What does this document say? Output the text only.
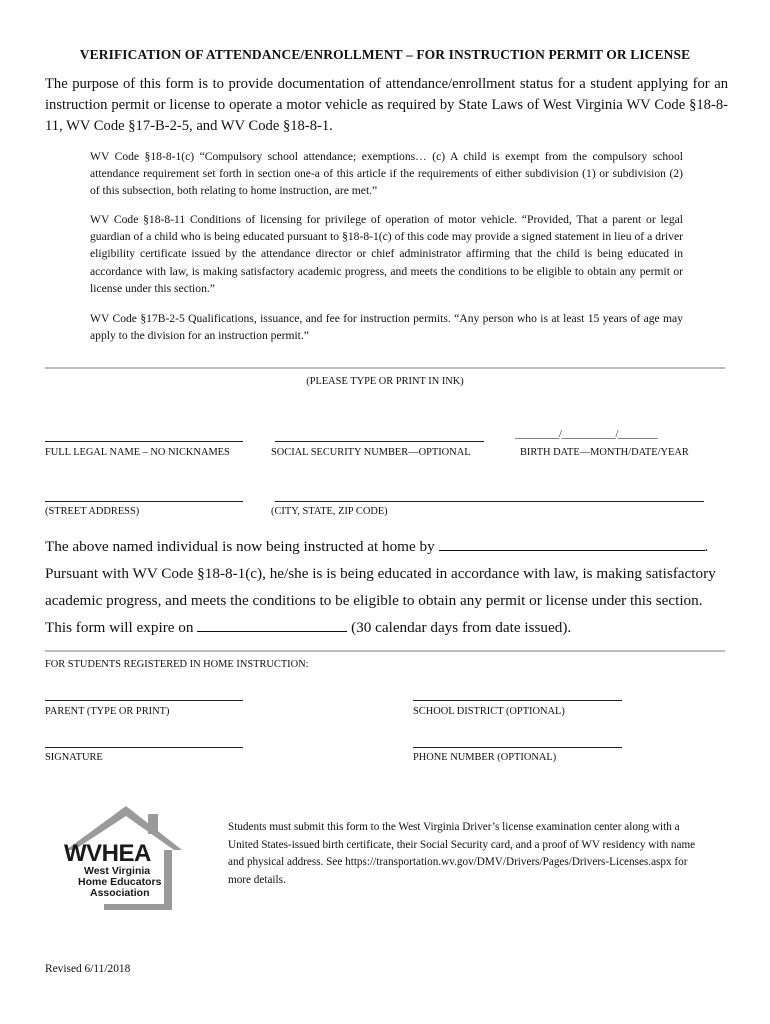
VERIFICATION OF ATTENDANCE/ENROLLMENT – FOR INSTRUCTION PERMIT OR LICENSE
The purpose of this form is to provide documentation of attendance/enrollment status for a student applying for an instruction permit or license to operate a motor vehicle as required by State Laws of West Virginia WV Code §18-8-11, WV Code §17-B-2-5, and WV Code §18-8-1.
WV Code §18-8-1(c) “Compulsory school attendance; exemptions… (c) A child is exempt from the compulsory school attendance requirement set forth in section one-a of this article if the requirements of either subdivision (1) or subdivision (2) of this subsection, both relating to home instruction, are met.”
WV Code §18-8-11 Conditions of licensing for privilege of operation of motor vehicle. “Provided, That a parent or legal guardian of a child who is being educated pursuant to §18-8-1(c) of this code may provide a signed statement in lieu of a driver eligibility certificate issued by the attendance director or chief administrator affirming that the child is being educated in accordance with law, is making satisfactory academic progress, and meets the conditions to be eligible to obtain any permit or license under this section.”
WV Code §17B-2-5 Qualifications, issuance, and fee for instruction permits. “Any person who is at least 15 years of age may apply to the division for an instruction permit.”
(PLEASE TYPE OR PRINT IN INK)
FULL LEGAL NAME – NO NICKNAMES	SOCIAL SECURITY NUMBER—OPTIONAL
_________/___________/________
BIRTH DATE—MONTH/DATE/YEAR
(STREET ADDRESS)	(CITY, STATE, ZIP CODE)
The above named individual is now being instructed at home by	.
Pursuant with WV Code §18-8-1(c), he/she is is being educated in accordance with law, is making satisfactory
academic progress, and meets the conditions to be eligible to obtain any permit or license under this section.
This form will expire on	(30 calendar days from date issued).
FOR STUDENTS REGISTERED IN HOME INSTRUCTION:
PARENT (TYPE OR PRINT)	SCHOOL DISTRICT (OPTIONAL)
SIGNATURE	PHONE NUMBER (OPTIONAL)
WVHEA
West Virginia
Home Educators
Association
Students must submit this form to the West Virginia Driver’s license examination center along with a United States-issued birth certificate, their Social Security card, and a proof of WV residency with name and physical address. See https://transportation.wv.gov/DMV/Drivers/Pages/Drivers-Licenses.aspx for more details.
Revised 6/11/2018
